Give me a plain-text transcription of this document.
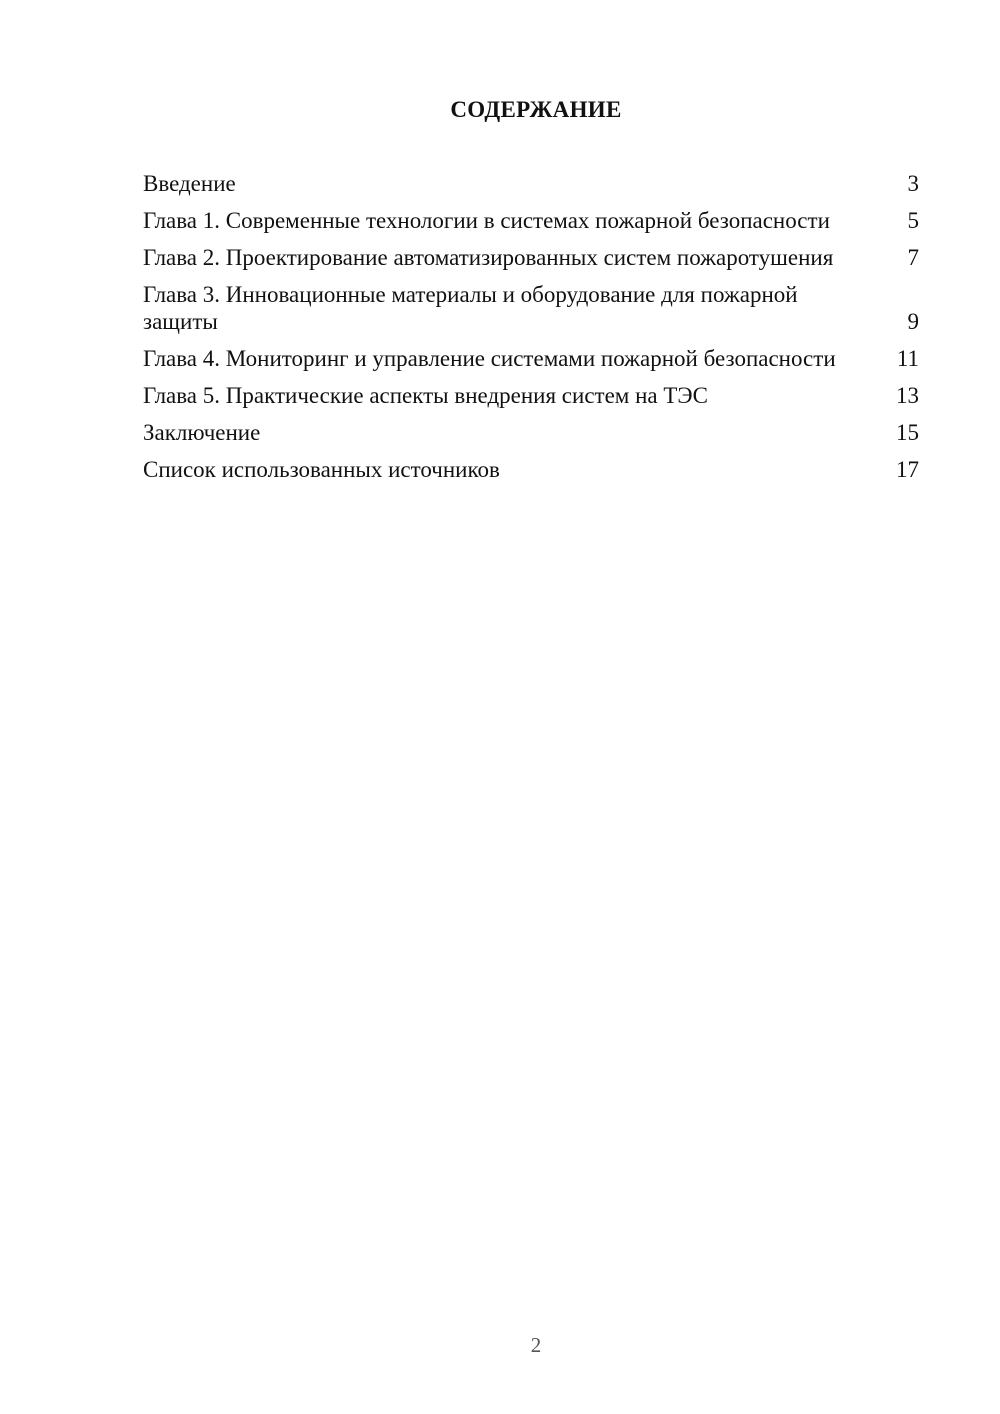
СОДЕРЖАНИЕ
Введение	3
Глава 1. Современные технологии в системах пожарной безопасности	5
Глава 2. Проектирование автоматизированных систем пожаротушения	7
Глава 3. Инновационные материалы и оборудование для пожарной защиты	9
Глава 4. Мониторинг и управление системами пожарной безопасности	11
Глава 5. Практические аспекты внедрения систем на ТЭС	13
Заключение	15
Список использованных источников	17
2
